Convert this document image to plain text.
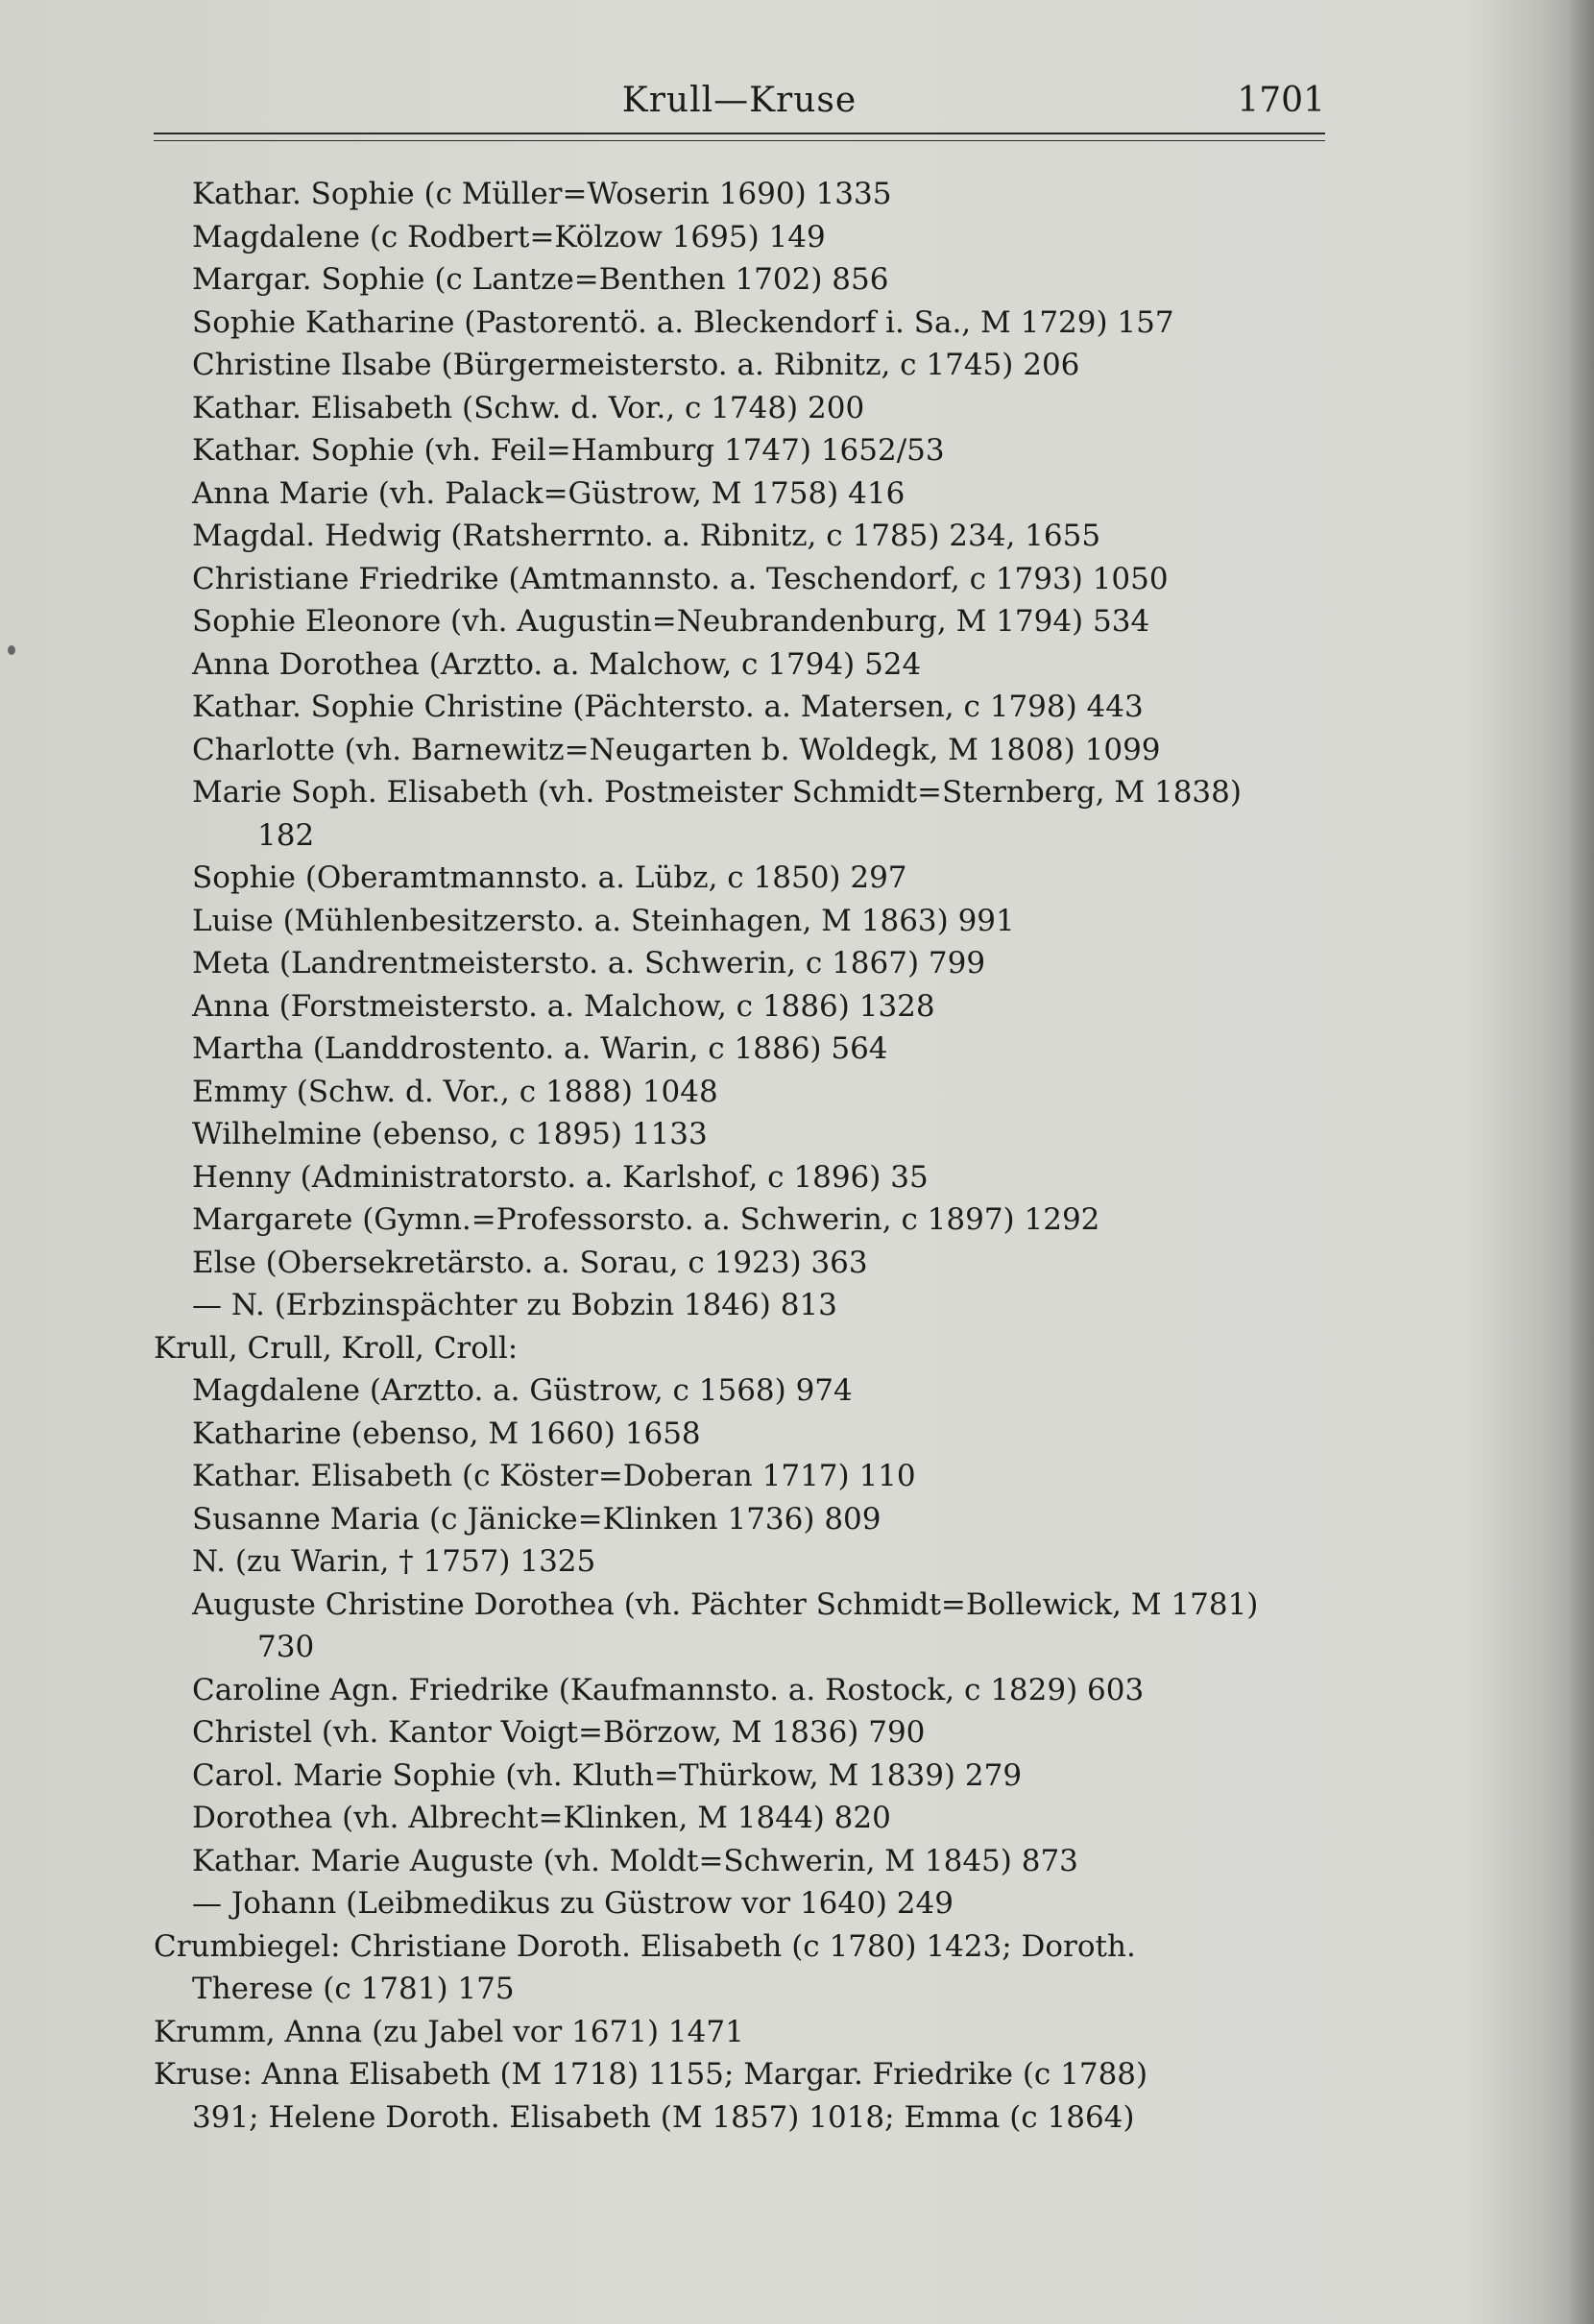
Krull—Kruse	1701
Kathar. Sophie (c Müller=Woserin 1690) 1335
Magdalene (c Rodbert=Kölzow 1695) 149
Margar. Sophie (c Lantze=Benthen 1702) 856
Sophie Katharine (Pastorentö. a. Bleckendorf i. Sa., M 1729) 157
Christine Ilsabe (Bürgermeistersto. a. Ribnitz, c 1745) 206
Kathar. Elisabeth (Schw. d. Vor., c 1748) 200
Kathar. Sophie (vh. Feil=Hamburg 1747) 1652/53
Anna Marie (vh. Palack=Güstrow, M 1758) 416
Magdal. Hedwig (Ratsherrnto. a. Ribnitz, c 1785) 234, 1655
Christiane Friedrike (Amtmannsto. a. Teschendorf, c 1793) 1050
Sophie Eleonore (vh. Augustin=Neubrandenburg, M 1794) 534
Anna Dorothea (Arztto. a. Malchow, c 1794) 524
Kathar. Sophie Christine (Pächtersto. a. Matersen, c 1798) 443
Charlotte (vh. Barnewitz=Neugarten b. Woldegk, M 1808) 1099
Marie Soph. Elisabeth (vh. Postmeister Schmidt=Sternberg, M 1838)
182
Sophie (Oberamtmannsto. a. Lübz, c 1850) 297
Luise (Mühlenbesitzersto. a. Steinhagen, M 1863) 991
Meta (Landrentmeistersto. a. Schwerin, c 1867) 799
Anna (Forstmeistersto. a. Malchow, c 1886) 1328
Martha (Landdrostento. a. Warin, c 1886) 564
Emmy (Schw. d. Vor., c 1888) 1048
Wilhelmine (ebenso, c 1895) 1133
Henny (Administratorsto. a. Karlshof, c 1896) 35
Margarete (Gymn.=Professorsto. a. Schwerin, c 1897) 1292
Else (Obersekretärsto. a. Sorau, c 1923) 363
— N. (Erbzinspächter zu Bobzin 1846) 813
Krull, Crull, Kroll, Croll:
Magdalene (Arztto. a. Güstrow, c 1568) 974
Katharine (ebenso, M 1660) 1658
Kathar. Elisabeth (c Köster=Doberan 1717) 110
Susanne Maria (c Jänicke=Klinken 1736) 809
N. (zu Warin, † 1757) 1325
Auguste Christine Dorothea (vh. Pächter Schmidt=Bollewick, M 1781)
730
Caroline Agn. Friedrike (Kaufmannsto. a. Rostock, c 1829) 603
Christel (vh. Kantor Voigt=Börzow, M 1836) 790
Carol. Marie Sophie (vh. Kluth=Thürkow, M 1839) 279
Dorothea (vh. Albrecht=Klinken, M 1844) 820
Kathar. Marie Auguste (vh. Moldt=Schwerin, M 1845) 873
— Johann (Leibmedikus zu Güstrow vor 1640) 249
Crumbiegel: Christiane Doroth. Elisabeth (c 1780) 1423; Doroth.
Therese (c 1781) 175
Krumm, Anna (zu Jabel vor 1671) 1471
Kruse: Anna Elisabeth (M 1718) 1155; Margar. Friedrike (c 1788)
391; Helene Doroth. Elisabeth (M 1857) 1018; Emma (c 1864)
